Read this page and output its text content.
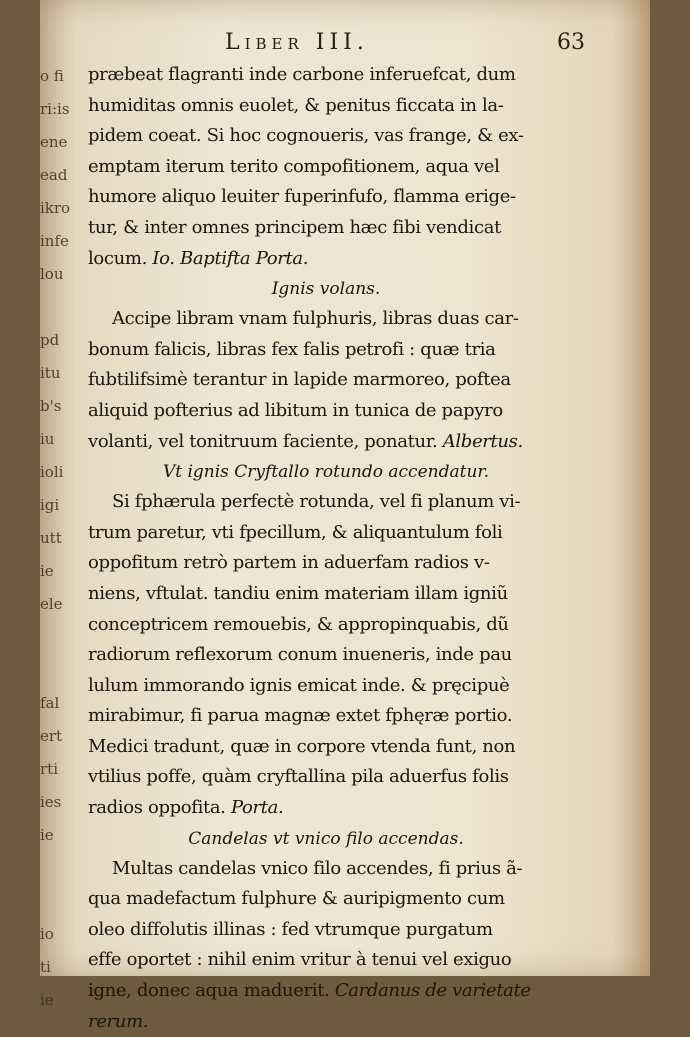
o fi
ri:is
ene
ead
ikro
infe
lou
pd
itu
b's
iu
ioli
igi
utt
ie
ele
fal
ert
rti
ies
ie
io
ti
ie
Liber III.	63
præbeat flagranti inde carbone inferuefcat, dum
humiditas omnis euolet, & penitus ficcata in la-
pidem coeat. Si hoc cognoueris, vas frange, & ex-
emptam iterum terito compofitionem, aqua vel
humore aliquo leuiter fuperinfufo, flamma erige-
tur, & inter omnes principem hæc fibi vendicat
locum. Io. Baptifta Porta.
Ignis volans.
Accipe libram vnam fulphuris, libras duas car-
bonum falicis, libras fex falis petrofi : quæ tria
fubtilifsimè terantur in lapide marmoreo, poftea
aliquid pofterius ad libitum in tunica de papyro
volanti, vel tonitruum faciente, ponatur. Albertus.
Vt ignis Cryftallo rotundo accendatur.
Si fphærula perfectè rotunda, vel fi planum vi-
trum paretur, vti fpecillum, & aliquantulum foli
oppofitum retrò partem in aduerfam radios v-
niens, vftulat. tandiu enim materiam illam igniũ
conceptricem remouebis, & appropinquabis, dũ
radiorum reflexorum conum inueneris, inde pau
lulum immorando ignis emicat inde. & pręcipuè
mirabimur, fi parua magnæ extet fphęræ portio.
Medici tradunt, quæ in corpore vtenda funt, non
vtilius poffe, quàm cryftallina pila aduerfus folis
radios oppofita. Porta.
Candelas vt vnico filo accendas.
Multas candelas vnico filo accendes, fi prius ã-
qua madefactum fulphure & auripigmento cum
oleo diffolutis illinas : fed vtrumque purgatum
effe oportet : nihil enim vritur à tenui vel exiguo
igne, donec aqua maduerit. Cardanus de varietate
rerum.
